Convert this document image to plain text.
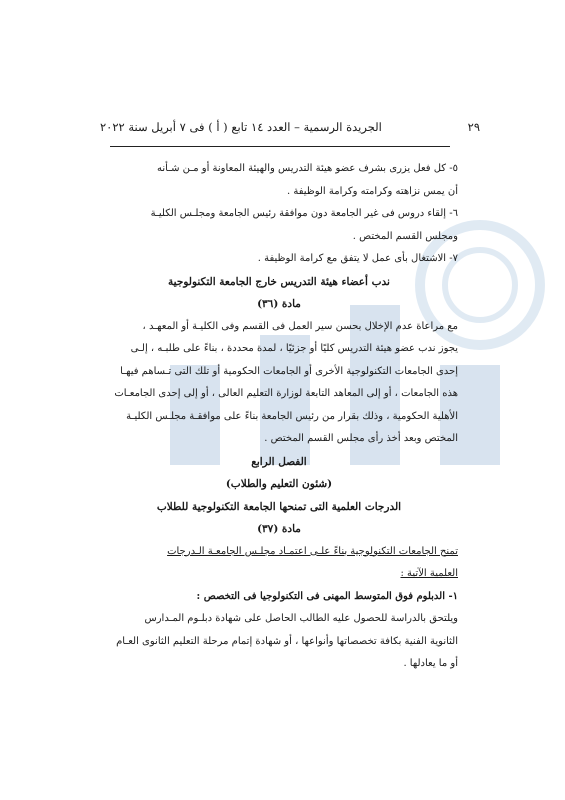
٢٩
الجريدة الرسمية – العدد ١٤ تابع ( أ ) فى ٧ أبريل سنة ٢٠٢٢

٥- كل فعل يزرى بشرف عضو هيئة التدريس والهيئة المعاونة أو مـن شـأنه

أن يمس نزاهته وكرامته وكرامة الوظيفة .

٦- إلقاء دروس فى غير الجامعة دون موافقة رئيس الجامعة ومجلـس الكليـة

ومجلس القسم المختص .

٧- الاشتغال بأى عمل لا يتفق مع كرامة الوظيفة .

ندب أعضاء هيئة التدريس خارج الجامعة التكنولوجية

مادة (٣٦)

مع مراعاة عدم الإخلال بحسن سير العمل فى القسم وفى الكليـة أو المعهـد ،

يجوز ندب عضو هيئة التدريس كليًا أو جزئيًا ، لمدة محددة ، بناءً على طلبـه ، إلـى

إحدى الجامعات التكنولوجية الأخرى أو الجامعات الحكومية أو تلك التى تـساهم فيهـا

هذه الجامعات ، أو إلى المعاهد التابعة لوزارة التعليم العالى ، أو إلى إحدى الجامعـات

الأهلية الحكومية ، وذلك بقرار من رئيس الجامعة بناءً على موافقـة مجلـس الكليـة

المختص وبعد أخذ رأى مجلس القسم المختص .

الفصل الرابع

(شئون التعليم والطلاب)

الدرجات العلمية التى تمنحها الجامعة التكنولوجية للطلاب

مادة (٣٧)

تمنح الجامعات التكنولوجية بناءً علـى اعتمـاد مجلـس الجامعـة الـدرجات

العلمية الآتية :

١- الدبلوم فوق المتوسط المهنى فى التكنولوجيا فى التخصص :

ويلتحق بالدراسة للحصول عليه الطالب الحاصل على شهادة دبلـوم المـدارس

الثانوية الفنية بكافة تخصصاتها وأنواعها ، أو شهادة إتمام مرحلة التعليم الثانوى العـام

أو ما يعادلها .
